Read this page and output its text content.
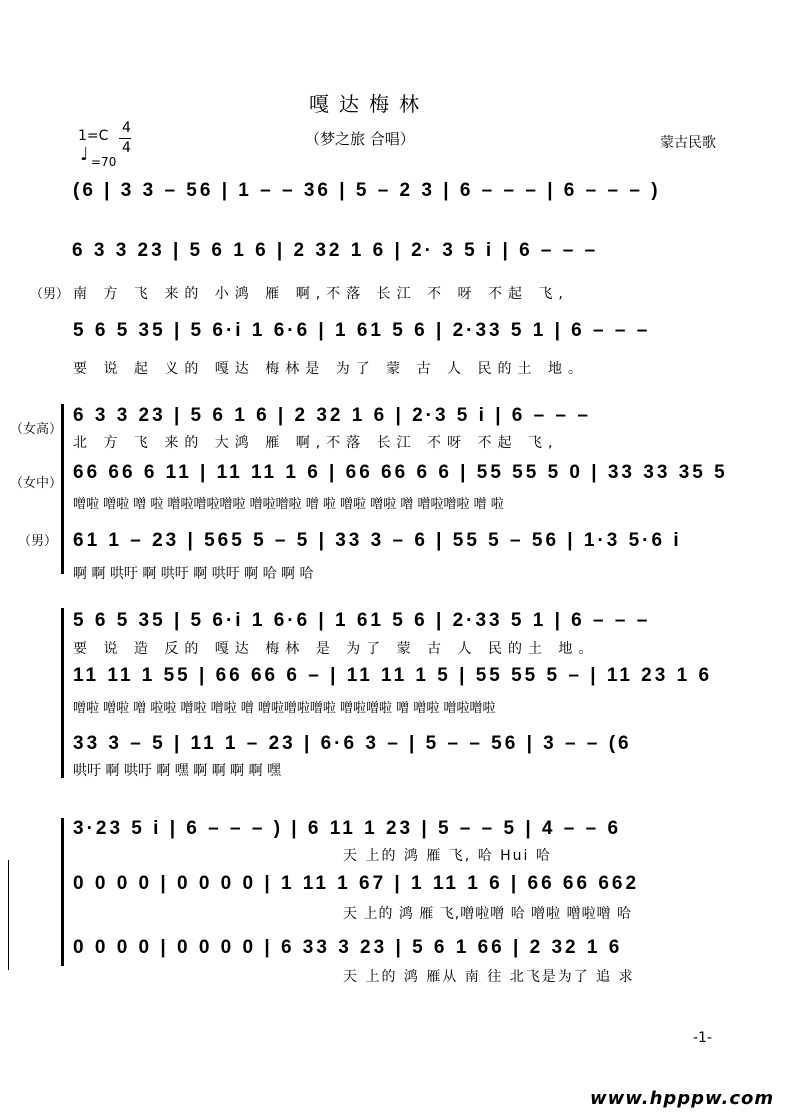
嘎达梅林
（梦之旅 合唱）
1=C 4
4
♩ =70
蒙古民歌
(6 | 3 3 – 56 | 1 – – 36 | 5 – 2 3 | 6 – – – | 6 – – – )
6 3 3 23 | 5 6 1 6 | 2 32 1 6 | 2· 3 5 i | 6 – – –
（男） 南 方 飞 来的 小鸿 雁 啊,不落 长江 不 呀 不起 飞,
5 6 5 35 | 5 6·i 1 6·6 | 1 61 5 6 | 2·33 5 1 | 6 – – –
要 说 起 义的 嘎达 梅林是 为了 蒙 古 人 民的土 地。
（女高）
6 3 3 23 | 5 6 1 6 | 2 32 1 6 | 2·3 5 i | 6 – – –
北 方 飞 来的 大鸿 雁 啊,不落 长江 不呀 不起 飞,
（女中）
66 66 6 11 | 11 11 1 6 | 66 66 6 6 | 55 55 5 0 | 33 33 35 5
噌啦 噌啦 噌 啦 噌啦噌啦噌啦 噌啦噌啦 噌 啦 噌啦 噌啦 噌 噌啦噌啦 噌 啦
（男） 61 1 – 23 | 565 5 – 5 | 33 3 – 6 | 55 5 – 56 | 1·3 5·6 i
啊 啊 哄吁 啊 哄吁 啊 哄吁 啊 哈 啊 哈
5 6 5 35 | 5 6·i 1 6·6 | 1 61 5 6 | 2·33 5 1 | 6 – – –
要 说 造 反的 嘎达 梅林 是 为了 蒙 古 人 民的土 地。
11 11 1 55 | 66 66 6 – | 11 11 1 5 | 55 55 5 – | 11 23 1 6
噌啦 噌啦 噌 啦啦 噌啦 噌啦 噌 噌啦噌啦噌啦 噌啦噌啦 噌 噌啦 噌啦噌啦
33 3 – 5 | 11 1 – 23 | 6·6 3 – | 5 – – 56 | 3 – – (6
哄吁 啊 哄吁 啊 嘿 啊 啊 啊 啊 嘿
3·23 5 i | 6 – – – ) | 6 11 1 23 | 5 – – 5 | 4 – – 6
天 上的 鸿 雁 飞, 哈 Hui 哈
0 0 0 0 | 0 0 0 0 | 1 11 1 67 | 1 11 1 6 | 66 66 662
天 上的 鸿 雁 飞,噌啦噌 哈 噌啦 噌啦噌 哈
0 0 0 0 | 0 0 0 0 | 6 33 3 23 | 5 6 1 66 | 2 32 1 6
天 上的 鸿 雁从 南 往 北飞是为了 追 求
-1-
www.hpppw.com
